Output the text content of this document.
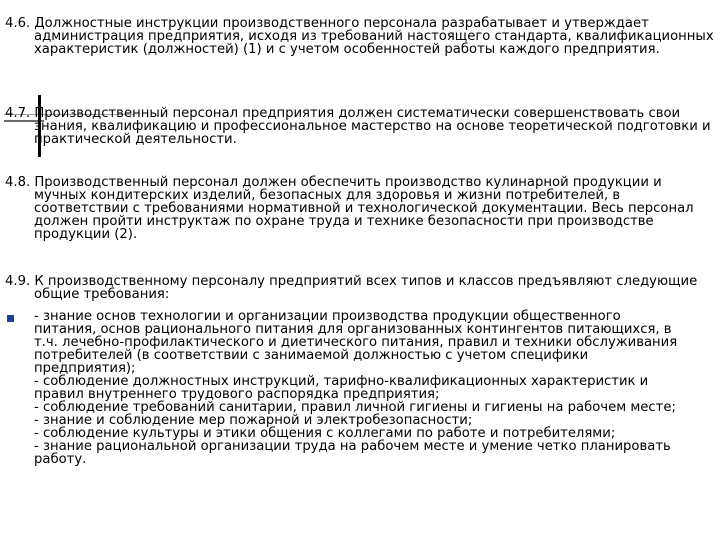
4.6. Должностные инструкции производственного персонала разрабатывает и утверждает администрация предприятия, исходя из требований настоящего стандарта, квалификационных характеристик (должностей) (1) и с учетом особенностей работы каждого предприятия.
4.7. Производственный персонал предприятия должен систематически совершенствовать свои знания, квалификацию и профессиональное мастерство на основе теоретической подготовки и практической деятельности.
4.8. Производственный персонал должен обеспечить производство кулинарной продукции и мучных кондитерских изделий, безопасных для здоровья и жизни потребителей, в соответствии с требованиями нормативной и технологической документации. Весь персонал должен пройти инструктаж по охране труда и технике безопасности при производстве продукции (2).
4.9. К производственному персоналу предприятий всех типов и классов предъявляют следующие общие требования:
- знание основ технологии и организации производства продукции общественного
питания, основ рационального питания для организованных контингентов питающихся, в
т.ч. лечебно-профилактического и диетического питания, правил и техники обслуживания
потребителей (в соответствии с занимаемой должностью с учетом специфики
предприятия);
- соблюдение должностных инструкций, тарифно-квалификационных характеристик и
правил внутреннего трудового распорядка предприятия;
- соблюдение требований санитарии, правил личной гигиены и гигиены на рабочем месте;
- знание и соблюдение мер пожарной и электробезопасности;
- соблюдение культуры и этики общения с коллегами по работе и потребителями;
- знание рациональной организации труда на рабочем месте и умение четко планировать
работу.
